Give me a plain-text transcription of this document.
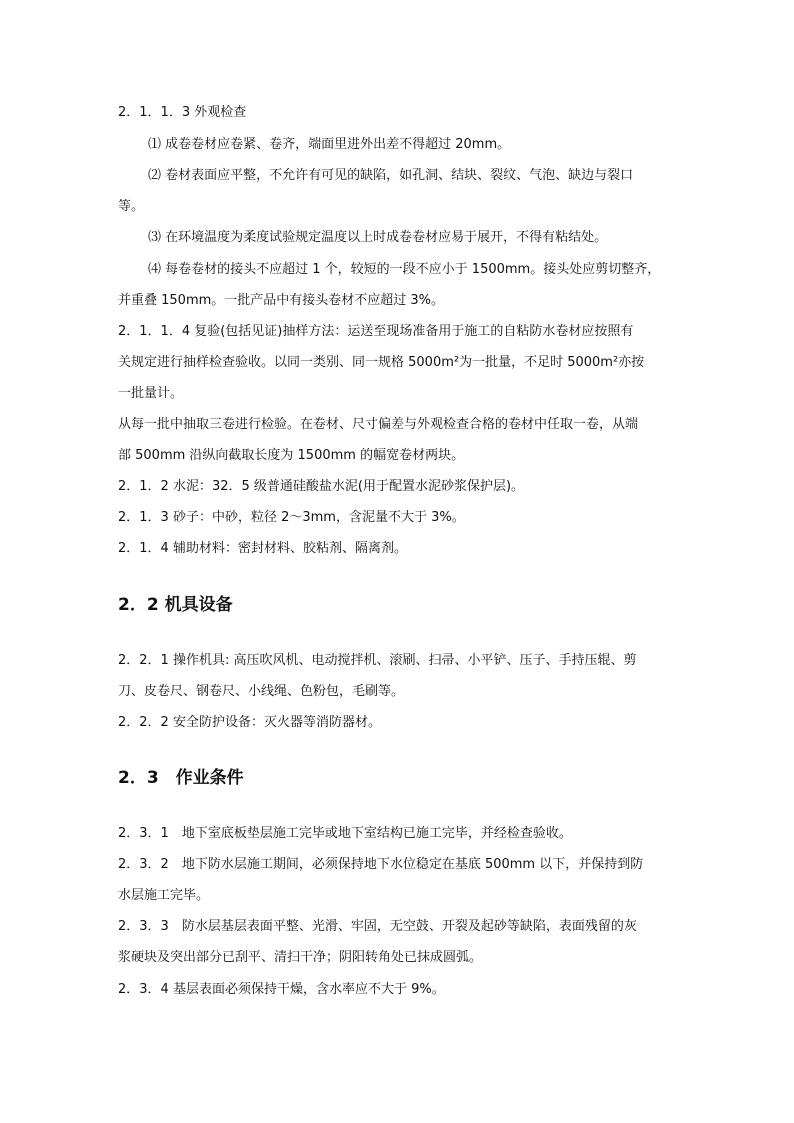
2．1．1．3 外观检查
⑴ 成卷卷材应卷紧、卷齐，端面里进外出差不得超过 20mm。
⑵ 卷材表面应平整，不允许有可见的缺陷，如孔洞、结块、裂纹、气泡、缺边与裂口
等。
⑶ 在环境温度为柔度试验规定温度以上时成卷卷材应易于展开，不得有粘结处。
⑷ 每卷卷材的接头不应超过 1 个，较短的一段不应小于 1500mm。接头处应剪切整齐，
并重叠 150mm。一批产品中有接头卷材不应超过 3%。
2．1．1．4 复验(包括见证)抽样方法：运送至现场准备用于施工的自粘防水卷材应按照有
关规定进行抽样检查验收。以同一类别、同一规格 5000m²为一批量，不足时 5000m²亦按
一批量计。
从每一批中抽取三卷进行检验。在卷材、尺寸偏差与外观检查合格的卷材中任取一卷，从端
部 500mm 沿纵向截取长度为 1500mm 的幅宽卷材两块。
2．1．2 水泥：32．5 级普通硅酸盐水泥(用于配置水泥砂浆保护层)。
2．1．3 砂子：中砂，粒径 2～3mm，含泥量不大于 3%。
2．1．4 辅助材料：密封材料、胶粘剂、隔离剂。
2．2 机具设备
2．2．1 操作机具: 高压吹风机、电动搅拌机、滚刷、扫帚、小平铲、压子、手持压辊、剪
刀、皮卷尺、钢卷尺、小线绳、色粉包，毛刷等。
2．2．2 安全防护设备：灭火器等消防器材。
2．3　作业条件
2．3．1　地下室底板垫层施工完毕或地下室结构已施工完毕，并经检查验收。
2．3．2　地下防水层施工期间，必须保持地下水位稳定在基底 500mm 以下，并保持到防
水层施工完毕。
2．3．3　防水层基层表面平整、光滑、牢固，无空鼓、开裂及起砂等缺陷，表面残留的灰
浆硬块及突出部分已刮平、清扫干净；阴阳转角处已抹成圆弧。
2．3．4 基层表面必须保持干燥，含水率应不大于 9%。
